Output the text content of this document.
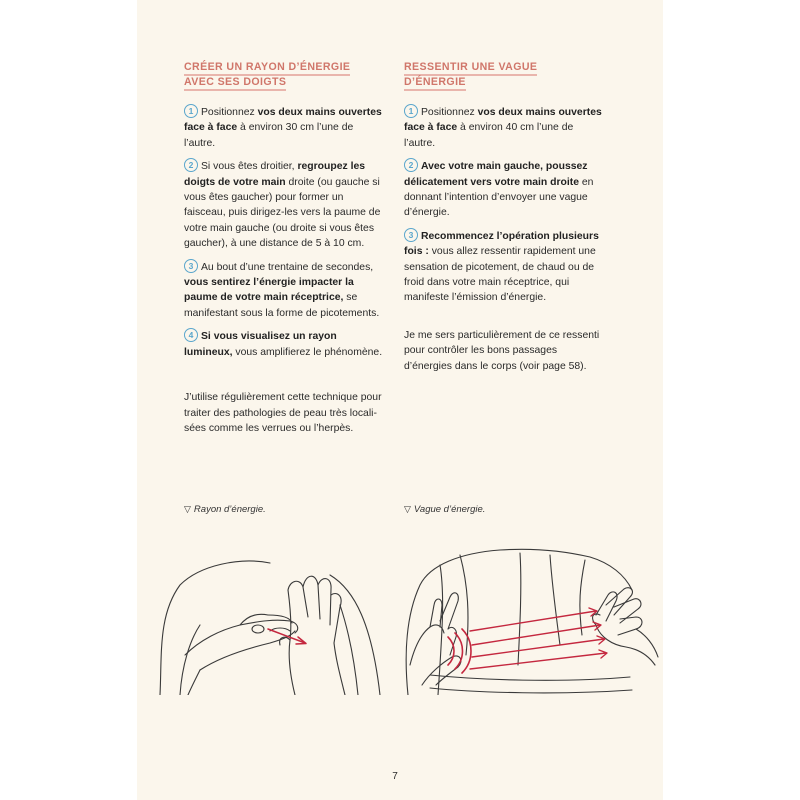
CRÉER UN RAYON D’ÉNERGIE
AVEC SES DOIGTS
1 Positionnez vos deux mains ouvertes face à face à environ 30 cm l’une de l’autre.
2 Si vous êtes droitier, regroupez les doigts de votre main droite (ou gauche si vous êtes gaucher) pour former un faisceau, puis dirigez-les vers la paume de votre main gauche (ou droite si vous êtes gaucher), à une distance de 5 à 10 cm.
3 Au bout d’une trentaine de secondes, vous sentirez l’énergie impacter la paume de votre main réceptrice, se manifestant sous la forme de picotements.
4 Si vous visualisez un rayon lumineux, vous amplifierez le phénomène.
J’utilise régulièrement cette technique pour traiter des pathologies de peau très localisées comme les verrues ou l’herpès.
RESSENTIR UNE VAGUE
D’ÉNERGIE
1 Positionnez vos deux mains ouvertes face à face à environ 40 cm l’une de l’autre.
2 Avec votre main gauche, poussez délicatement vers votre main droite en donnant l’intention d’envoyer une vague d’énergie.
3 Recommencez l’opération plusieurs fois : vous allez ressentir rapidement une sensation de picotement, de chaud ou de froid dans votre main réceptrice, qui manifeste l’émission d’énergie.
Je me sers particulièrement de ce ressenti pour contrôler les bons passages d’énergies dans le corps (voir page 58).
▽ Rayon d’énergie.	▽ Vague d’énergie.
7
